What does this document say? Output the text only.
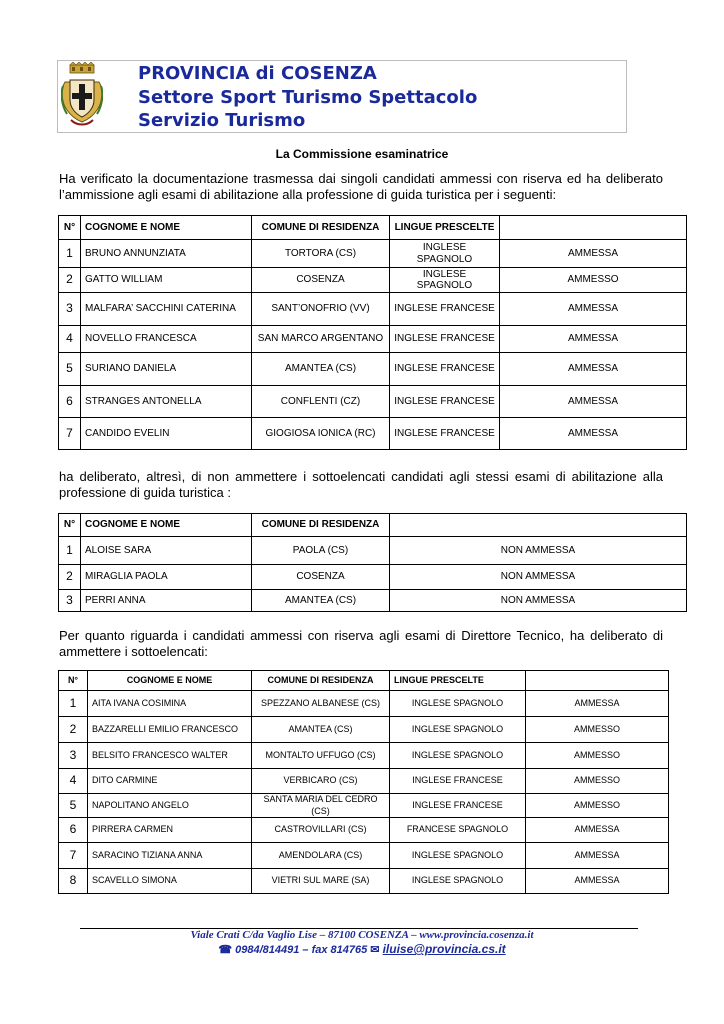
PROVINCIA di COSENZA
Settore Sport Turismo Spettacolo
Servizio Turismo

La Commissione esaminatrice

Ha verificato la documentazione trasmessa dai singoli candidati ammessi con riserva ed ha deliberato l’ammissione agli esami di abilitazione alla professione di guida turistica per i seguenti:

N°	COGNOME E NOME	COMUNE DI RESIDENZA	LINGUE PRESCELTE	
1	BRUNO ANNUNZIATA	TORTORA (CS)	INGLESE SPAGNOLO	AMMESSA
2	GATTO WILLIAM	COSENZA	INGLESE SPAGNOLO	AMMESSO
3	MALFARA’ SACCHINI CATERINA	SANT’ONOFRIO (VV)	INGLESE FRANCESE	AMMESSA
4	NOVELLO FRANCESCA	SAN MARCO ARGENTANO	INGLESE FRANCESE	AMMESSA
5	SURIANO DANIELA	AMANTEA (CS)	INGLESE FRANCESE	AMMESSA
6	STRANGES ANTONELLA	CONFLENTI (CZ)	INGLESE FRANCESE	AMMESSA
7	CANDIDO EVELIN	GIOGIOSA IONICA (RC)	INGLESE FRANCESE	AMMESSA

ha deliberato, altresì, di non ammettere i sottoelencati candidati agli stessi esami di abilitazione alla professione di guida turistica :

N°	COGNOME E NOME	COMUNE DI RESIDENZA	
1	ALOISE SARA	PAOLA (CS)	NON AMMESSA
2	MIRAGLIA PAOLA	COSENZA	NON AMMESSA
3	PERRI ANNA	AMANTEA (CS)	NON AMMESSA

Per quanto riguarda i candidati ammessi con riserva agli esami di Direttore Tecnico, ha deliberato di ammettere i sottoelencati:

N°	COGNOME E NOME	COMUNE DI RESIDENZA	LINGUE PRESCELTE	
1	AITA IVANA COSIMINA	SPEZZANO ALBANESE (CS)	INGLESE SPAGNOLO	AMMESSA
2	BAZZARELLI EMILIO FRANCESCO	AMANTEA (CS)	INGLESE SPAGNOLO	AMMESSO
3	BELSITO FRANCESCO WALTER	MONTALTO UFFUGO (CS)	INGLESE SPAGNOLO	AMMESSO
4	DITO CARMINE	VERBICARO (CS)	INGLESE FRANCESE	AMMESSO
5	NAPOLITANO ANGELO	SANTA MARIA DEL CEDRO (CS)	INGLESE FRANCESE	AMMESSO
6	PIRRERA CARMEN	CASTROVILLARI (CS)	FRANCESE SPAGNOLO	AMMESSA
7	SARACINO TIZIANA ANNA	AMENDOLARA (CS)	INGLESE SPAGNOLO	AMMESSA
8	SCAVELLO SIMONA	VIETRI SUL MARE (SA)	INGLESE SPAGNOLO	AMMESSA

Viale Crati C/da Vaglio Lise – 87100 COSENZA – www.provincia.cosenza.it

☎ 0984/814491 – fax 814765 ✉ iluise@provincia.cs.it
